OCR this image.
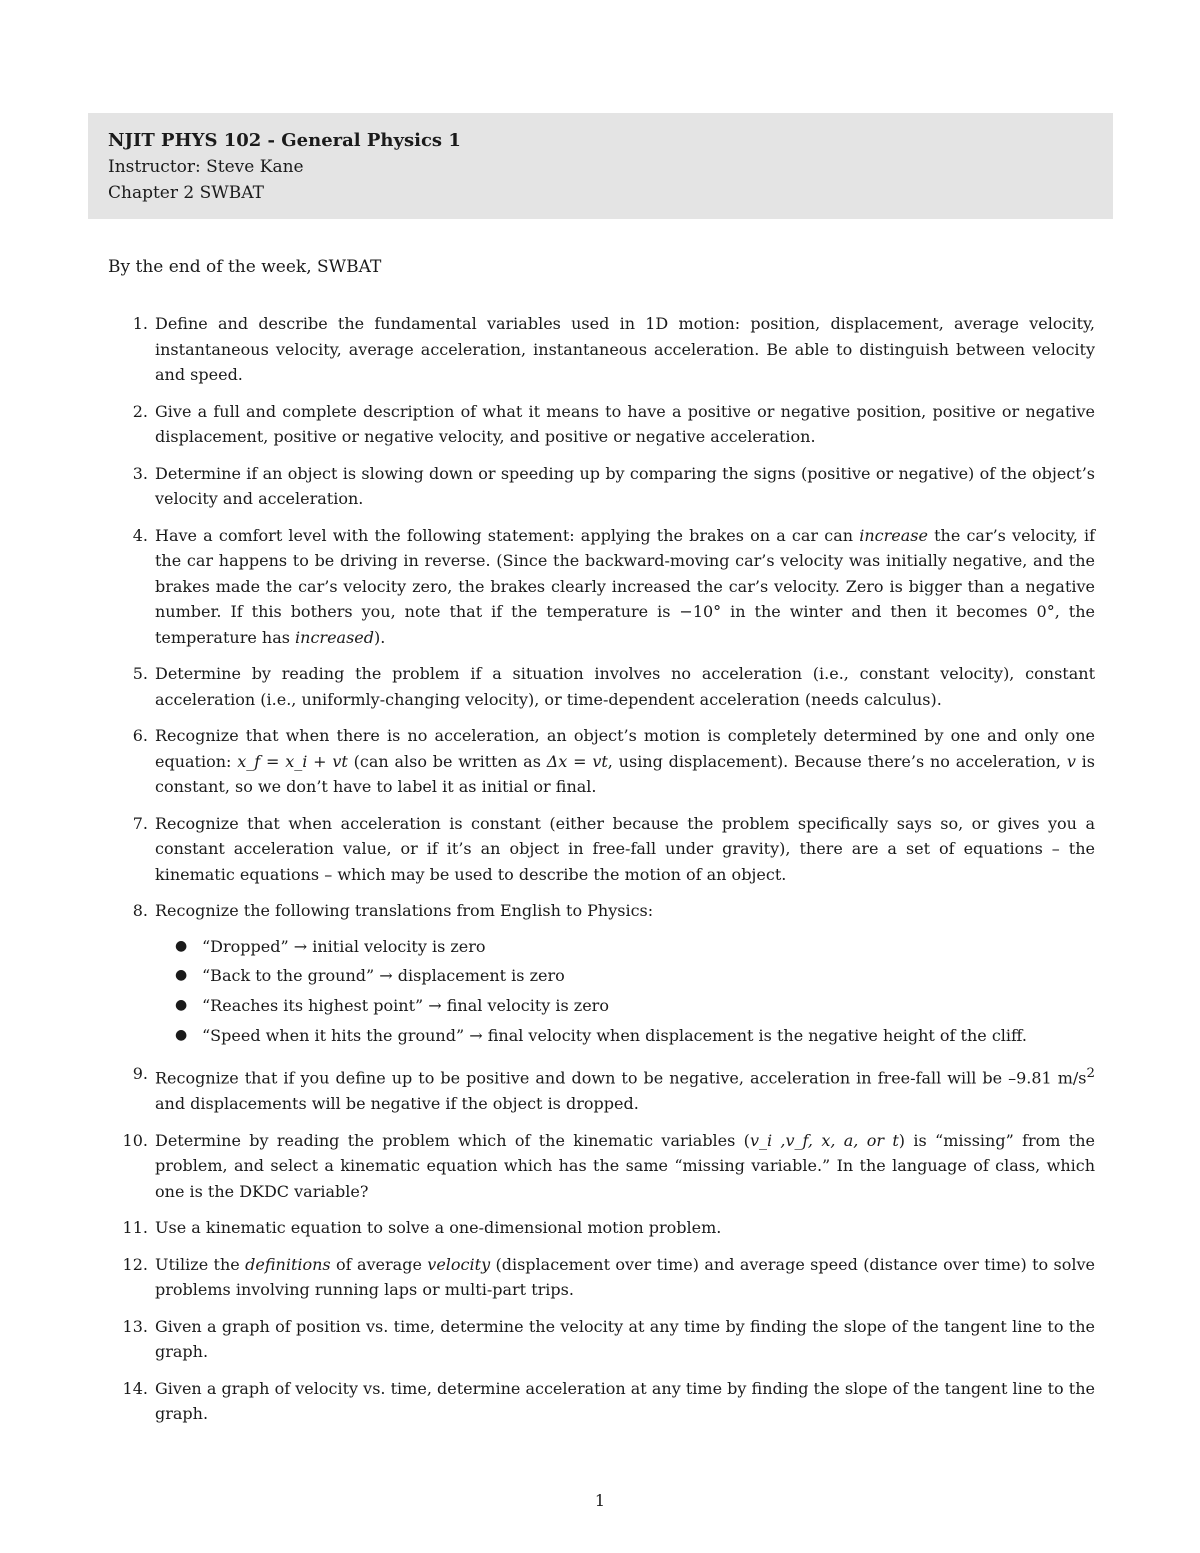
NJIT PHYS 102 - General Physics 1
Instructor: Steve Kane
Chapter 2 SWBAT
By the end of the week, SWBAT
1. Define and describe the fundamental variables used in 1D motion: position, displacement, average velocity, instantaneous velocity, average acceleration, instantaneous acceleration. Be able to distinguish between velocity and speed.
2. Give a full and complete description of what it means to have a positive or negative position, positive or negative displacement, positive or negative velocity, and positive or negative acceleration.
3. Determine if an object is slowing down or speeding up by comparing the signs (positive or negative) of the object’s velocity and acceleration.
4. Have a comfort level with the following statement: applying the brakes on a car can increase the car’s velocity, if the car happens to be driving in reverse. (Since the backward-moving car’s velocity was initially negative, and the brakes made the car’s velocity zero, the brakes clearly increased the car’s velocity. Zero is bigger than a negative number. If this bothers you, note that if the temperature is −10° in the winter and then it becomes 0°, the temperature has increased).
5. Determine by reading the problem if a situation involves no acceleration (i.e., constant velocity), constant acceleration (i.e., uniformly-changing velocity), or time-dependent acceleration (needs calculus).
6. Recognize that when there is no acceleration, an object’s motion is completely determined by one and only one equation: x_f = x_i + vt (can also be written as Δx = vt, using displacement). Because there’s no acceleration, v is constant, so we don’t have to label it as initial or final.
7. Recognize that when acceleration is constant (either because the problem specifically says so, or gives you a constant acceleration value, or if it’s an object in free-fall under gravity), there are a set of equations – the kinematic equations – which may be used to describe the motion of an object.
8. Recognize the following translations from English to Physics:
● “Dropped” → initial velocity is zero
● “Back to the ground” → displacement is zero
● “Reaches its highest point” → final velocity is zero
● “Speed when it hits the ground” → final velocity when displacement is the negative height of the cliff.
9. Recognize that if you define up to be positive and down to be negative, acceleration in free-fall will be –9.81 $m/s^2$ and displacements will be negative if the object is dropped.
10. Determine by reading the problem which of the kinematic variables (v_i ,v_f, x, a, or t) is “missing” from the problem, and select a kinematic equation which has the same “missing variable.” In the language of class, which one is the DKDC variable?
11. Use a kinematic equation to solve a one-dimensional motion problem.
12. Utilize the definitions of average velocity (displacement over time) and average speed (distance over time) to solve problems involving running laps or multi-part trips.
13. Given a graph of position vs. time, determine the velocity at any time by finding the slope of the tangent line to the graph.
14. Given a graph of velocity vs. time, determine acceleration at any time by finding the slope of the tangent line to the graph.
1
